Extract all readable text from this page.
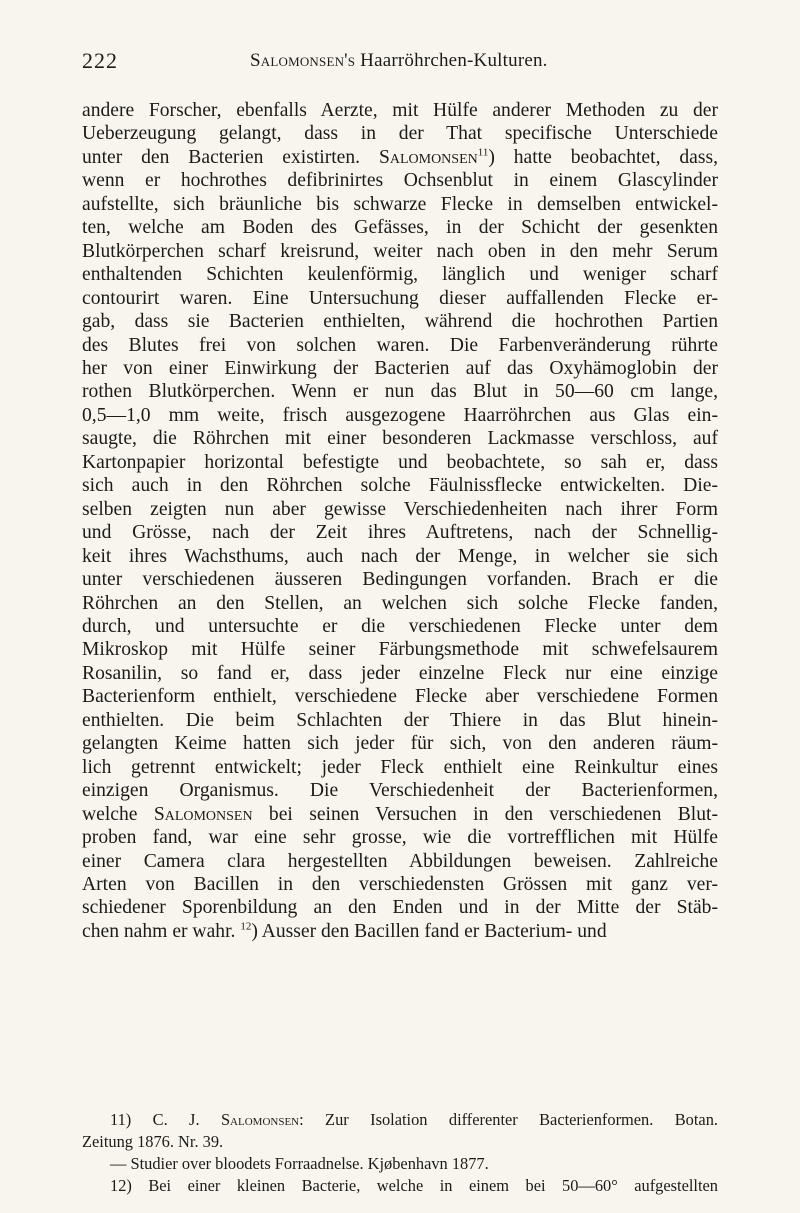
222	Salomonsen's Haarröhrchen-Kulturen.
andere Forscher, ebenfalls Aerzte, mit Hülfe anderer Methoden zu der
Ueberzeugung gelangt, dass in der That specifische Unterschiede
unter den Bacterien existirten. Salomonsen$^{11}$) hatte beobachtet, dass,
wenn er hochrothes defibrinirtes Ochsenblut in einem Glascylinder
aufstellte, sich bräunliche bis schwarze Flecke in demselben entwickel-
ten, welche am Boden des Gefässes, in der Schicht der gesenkten
Blutkörperchen scharf kreisrund, weiter nach oben in den mehr Serum
enthaltenden Schichten keulenförmig, länglich und weniger scharf
contourirt waren. Eine Untersuchung dieser auffallenden Flecke er-
gab, dass sie Bacterien enthielten, während die hochrothen Partien
des Blutes frei von solchen waren. Die Farbenveränderung rührte
her von einer Einwirkung der Bacterien auf das Oxyhämoglobin der
rothen Blutkörperchen. Wenn er nun das Blut in 50—60 cm lange,
0,5—1,0 mm weite, frisch ausgezogene Haarröhrchen aus Glas ein-
saugte, die Röhrchen mit einer besonderen Lackmasse verschloss, auf
Kartonpapier horizontal befestigte und beobachtete, so sah er, dass
sich auch in den Röhrchen solche Fäulnissflecke entwickelten. Die-
selben zeigten nun aber gewisse Verschiedenheiten nach ihrer Form
und Grösse, nach der Zeit ihres Auftretens, nach der Schnellig-
keit ihres Wachsthums, auch nach der Menge, in welcher sie sich
unter verschiedenen äusseren Bedingungen vorfanden. Brach er die
Röhrchen an den Stellen, an welchen sich solche Flecke fanden,
durch, und untersuchte er die verschiedenen Flecke unter dem
Mikroskop mit Hülfe seiner Färbungsmethode mit schwefelsaurem
Rosanilin, so fand er, dass jeder einzelne Fleck nur eine einzige
Bacterienform enthielt, verschiedene Flecke aber verschiedene Formen
enthielten. Die beim Schlachten der Thiere in das Blut hinein-
gelangten Keime hatten sich jeder für sich, von den anderen räum-
lich getrennt entwickelt; jeder Fleck enthielt eine Reinkultur eines
einzigen Organismus. Die Verschiedenheit der Bacterienformen,
welche Salomonsen bei seinen Versuchen in den verschiedenen Blut-
proben fand, war eine sehr grosse, wie die vortrefflichen mit Hülfe
einer Camera clara hergestellten Abbildungen beweisen. Zahlreiche
Arten von Bacillen in den verschiedensten Grössen mit ganz ver-
schiedener Sporenbildung an den Enden und in der Mitte der Stäb-
chen nahm er wahr. $^{12}$) Ausser den Bacillen fand er Bacterium- und
11) C. J. Salomonsen: Zur Isolation differenter Bacterienformen. Botan.
Zeitung 1876. Nr. 39.
— Studier over bloodets Forraadnelse. Kjøbenhavn 1877.
12) Bei einer kleinen Bacterie, welche in einem bei 50—60° aufgestellten
